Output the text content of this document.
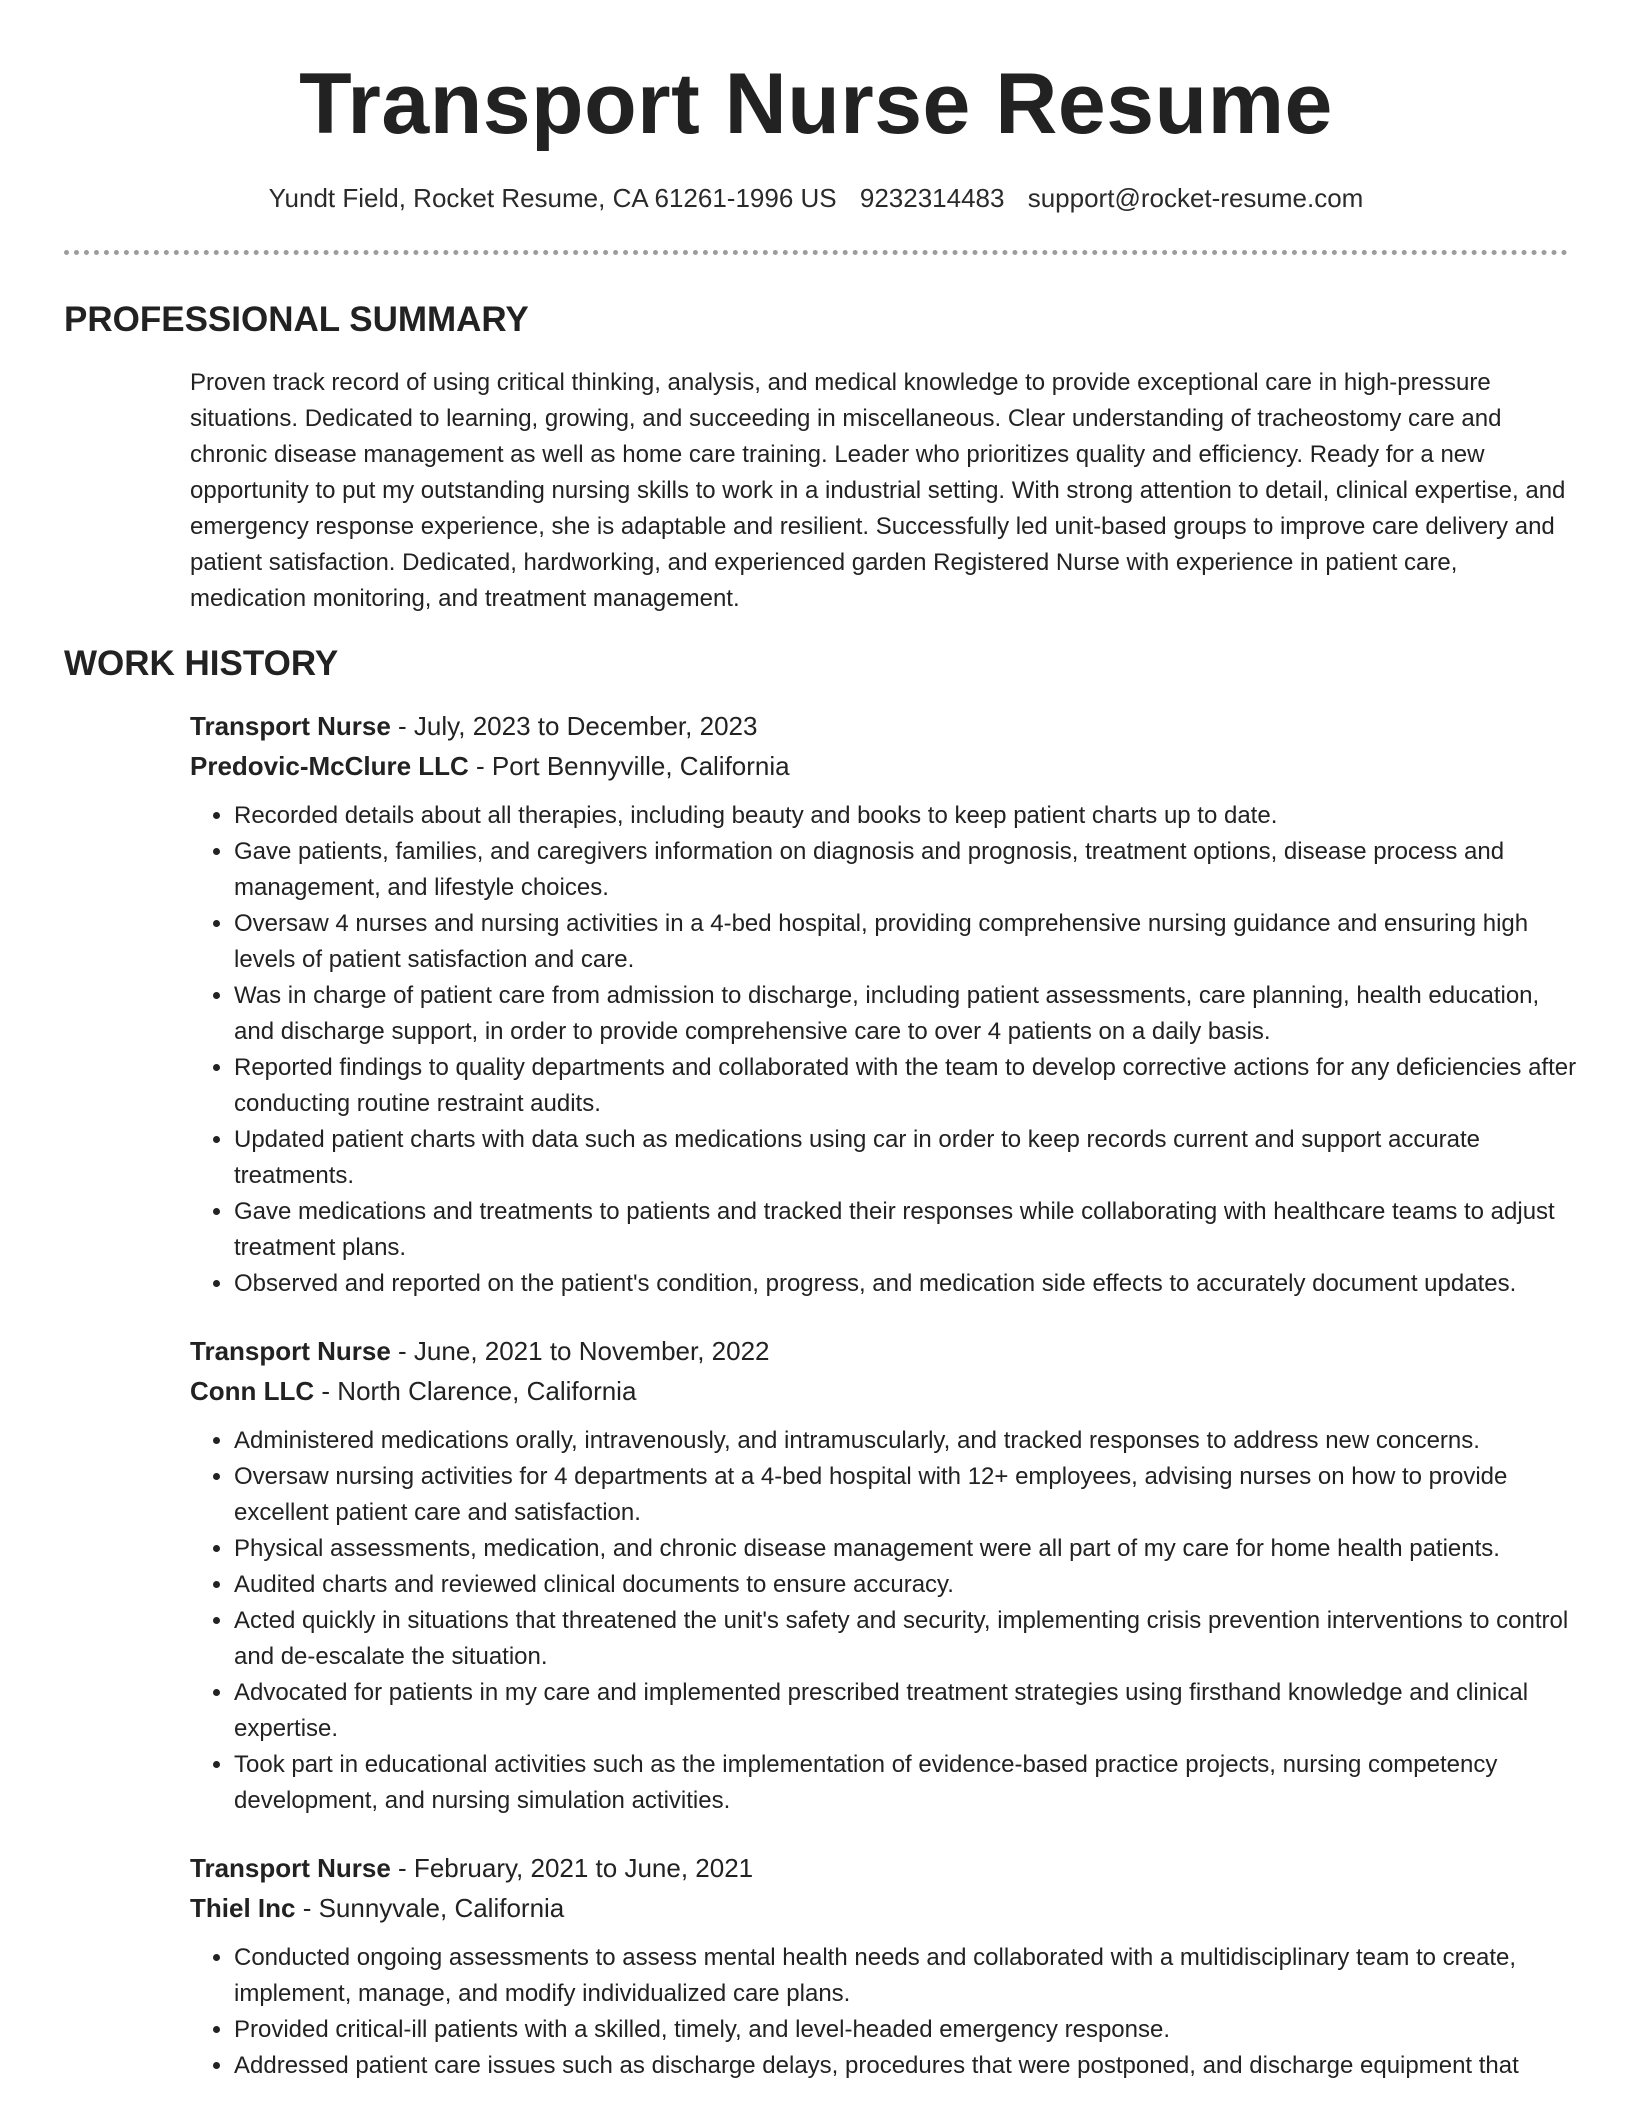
Transport Nurse Resume
Yundt Field, Rocket Resume, CA 61261-1996 US 9232314483 support@rocket-resume.com
PROFESSIONAL SUMMARY

Proven track record of using critical thinking, analysis, and medical knowledge to provide exceptional care in high-pressure situations. Dedicated to learning, growing, and succeeding in miscellaneous. Clear understanding of tracheostomy care and chronic disease management as well as home care training. Leader who prioritizes quality and efficiency. Ready for a new opportunity to put my outstanding nursing skills to work in a industrial setting. With strong attention to detail, clinical expertise, and emergency response experience, she is adaptable and resilient. Successfully led unit-based groups to improve care delivery and patient satisfaction. Dedicated, hardworking, and experienced garden Registered Nurse with experience in patient care, medication monitoring, and treatment management.

WORK HISTORY

Transport Nurse - July, 2023 to December, 2023

Predovic-McClure LLC - Port Bennyville, California

• Recorded details about all therapies, including beauty and books to keep patient charts up to date.
• Gave patients, families, and caregivers information on diagnosis and prognosis, treatment options, disease process and management, and lifestyle choices.
• Oversaw 4 nurses and nursing activities in a 4-bed hospital, providing comprehensive nursing guidance and ensuring high levels of patient satisfaction and care.
• Was in charge of patient care from admission to discharge, including patient assessments, care planning, health education, and discharge support, in order to provide comprehensive care to over 4 patients on a daily basis.
• Reported findings to quality departments and collaborated with the team to develop corrective actions for any deficiencies after conducting routine restraint audits.
• Updated patient charts with data such as medications using car in order to keep records current and support accurate treatments.
• Gave medications and treatments to patients and tracked their responses while collaborating with healthcare teams to adjust treatment plans.
• Observed and reported on the patient's condition, progress, and medication side effects to accurately document updates.

Transport Nurse - June, 2021 to November, 2022

Conn LLC - North Clarence, California

• Administered medications orally, intravenously, and intramuscularly, and tracked responses to address new concerns.
• Oversaw nursing activities for 4 departments at a 4-bed hospital with 12+ employees, advising nurses on how to provide excellent patient care and satisfaction.
• Physical assessments, medication, and chronic disease management were all part of my care for home health patients.
• Audited charts and reviewed clinical documents to ensure accuracy.
• Acted quickly in situations that threatened the unit's safety and security, implementing crisis prevention interventions to control and de-escalate the situation.
• Advocated for patients in my care and implemented prescribed treatment strategies using firsthand knowledge and clinical expertise.
• Took part in educational activities such as the implementation of evidence-based practice projects, nursing competency development, and nursing simulation activities.

Transport Nurse - February, 2021 to June, 2021

Thiel Inc - Sunnyvale, California

• Conducted ongoing assessments to assess mental health needs and collaborated with a multidisciplinary team to create, implement, manage, and modify individualized care plans.
• Provided critical-ill patients with a skilled, timely, and level-headed emergency response.
• Addressed patient care issues such as discharge delays, procedures that were postponed, and discharge equipment that
